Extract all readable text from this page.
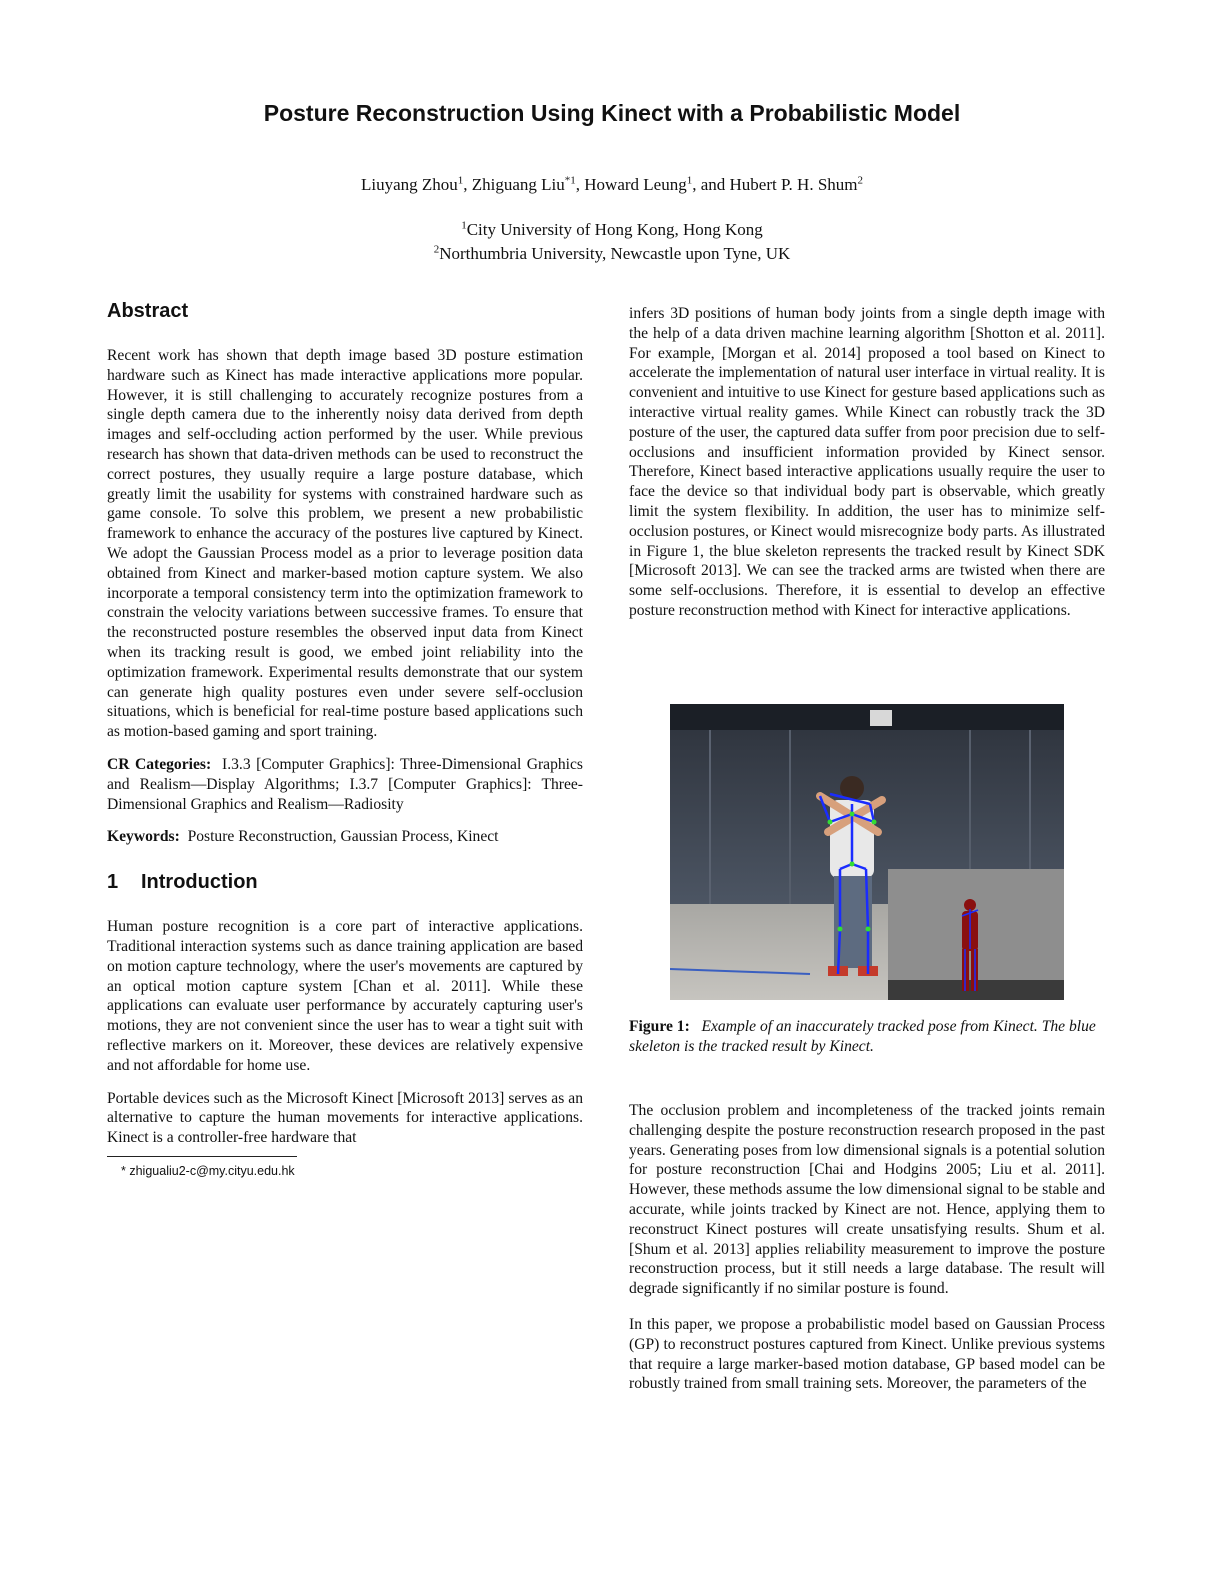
Posture Reconstruction Using Kinect with a Probabilistic Model
Liuyang Zhou$^1$, Zhiguang Liu$^{*1}$, Howard Leung$^1$, and Hubert P. H. Shum$^2$
$^1$City University of Hong Kong, Hong Kong
$^2$Northumbria University, Newcastle upon Tyne, UK
Abstract

Recent work has shown that depth image based 3D posture estimation hardware such as Kinect has made interactive applications more popular. However, it is still challenging to accurately recognize postures from a single depth camera due to the inherently noisy data derived from depth images and self-occluding action performed by the user. While previous research has shown that data-driven methods can be used to reconstruct the correct postures, they usually require a large posture database, which greatly limit the usability for systems with constrained hardware such as game console. To solve this problem, we present a new probabilistic framework to enhance the accuracy of the postures live captured by Kinect. We adopt the Gaussian Process model as a prior to leverage position data obtained from Kinect and marker-based motion capture system. We also incorporate a temporal consistency term into the optimization framework to constrain the velocity variations between successive frames. To ensure that the reconstructed posture resembles the observed input data from Kinect when its tracking result is good, we embed joint reliability into the optimization framework. Experimental results demonstrate that our system can generate high quality postures even under severe self-occlusion situations, which is beneficial for real-time posture based applications such as motion-based gaming and sport training.

CR Categories: I.3.3 [Computer Graphics]: Three-Dimensional Graphics and Realism—Display Algorithms; I.3.7 [Computer Graphics]: Three-Dimensional Graphics and Realism—Radiosity

Keywords: Posture Reconstruction, Gaussian Process, Kinect

1 Introduction

Human posture recognition is a core part of interactive applications. Traditional interaction systems such as dance training application are based on motion capture technology, where the user's movements are captured by an optical motion capture system [Chan et al. 2011]. While these applications can evaluate user performance by accurately capturing user's motions, they are not convenient since the user has to wear a tight suit with reflective markers on it. Moreover, these devices are relatively expensive and not affordable for home use.

Portable devices such as the Microsoft Kinect [Microsoft 2013] serves as an alternative to capture the human movements for interactive applications. Kinect is a controller-free hardware that

* zhigualiu2-c@my.cityu.edu.hk

infers 3D positions of human body joints from a single depth image with the help of a data driven machine learning algorithm [Shotton et al. 2011]. For example, [Morgan et al. 2014] proposed a tool based on Kinect to accelerate the implementation of natural user interface in virtual reality. It is convenient and intuitive to use Kinect for gesture based applications such as interactive virtual reality games. While Kinect can robustly track the 3D posture of the user, the captured data suffer from poor precision due to self-occlusions and insufficient information provided by Kinect sensor. Therefore, Kinect based interactive applications usually require the user to face the device so that individual body part is observable, which greatly limit the system flexibility. In addition, the user has to minimize self-occlusion postures, or Kinect would misrecognize body parts. As illustrated in Figure 1, the blue skeleton represents the tracked result by Kinect SDK [Microsoft 2013]. We can see the tracked arms are twisted when there are some self-occlusions. Therefore, it is essential to develop an effective posture reconstruction method with Kinect for interactive applications.

Figure 1: Example of an inaccurately tracked pose from Kinect. The blue skeleton is the tracked result by Kinect.

The occlusion problem and incompleteness of the tracked joints remain challenging despite the posture reconstruction research proposed in the past years. Generating poses from low dimensional signals is a potential solution for posture reconstruction [Chai and Hodgins 2005; Liu et al. 2011]. However, these methods assume the low dimensional signal to be stable and accurate, while joints tracked by Kinect are not. Hence, applying them to reconstruct Kinect postures will create unsatisfying results. Shum et al. [Shum et al. 2013] applies reliability measurement to improve the posture reconstruction process, but it still needs a large database. The result will degrade significantly if no similar posture is found.

In this paper, we propose a probabilistic model based on Gaussian Process (GP) to reconstruct postures captured from Kinect. Unlike previous systems that require a large marker-based motion database, GP based model can be robustly trained from small training sets. Moreover, the parameters of the
